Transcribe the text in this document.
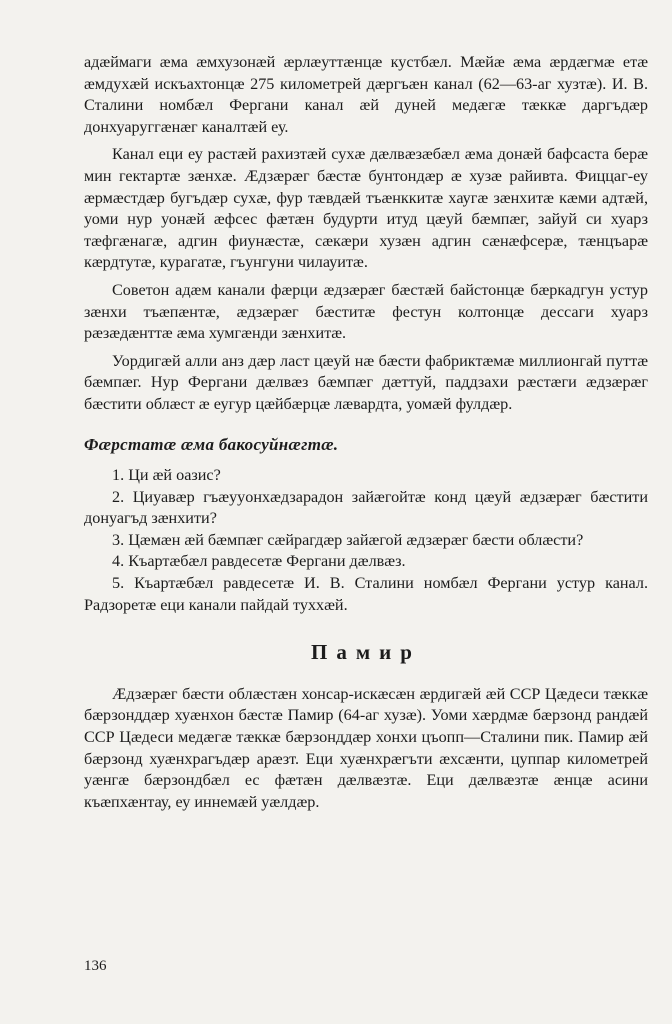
адæймаги æма æмхузонæй æрлæуттæнцæ кустбæл. Мæйæ æма æрдæгмæ етæ æмдухæй искъахтонцæ 275 километрей дæргъæн канал (62—63-аг хузтæ). И. В. Сталини номбæл Фергани канал æй дуней медæгæ тæккæ даргъдæр донхуаруггæнæг каналтæй еу.

Канал еци еу растæй рахизтæй сухæ дæлвæзæбæл æма донæй бафсаста берæ мин гектартæ зæнхæ. Æдзæрæг бæстæ бунтондæр æ хузæ райивта. Фиццаг-еу æрмæстдæр бугъдæр сухæ, фур тæвдæй тъæнккитæ хаугæ зæнхитæ кæми адтæй, уоми нур уонæй æфсес фæтæн будурти итуд цæуй бæмпæг, зайуй си хуарз тæфгæнагæ, адгин фиунæстæ, сæкæри хузæн адгин сæнæфсерæ, тæнцъарæ кæрдтутæ, курагатæ, гъунгуни чилауитæ.

Советон адæм канали фæрци æдзæрæг бæстæй байстонцæ бæркадгун устур зæнхи тъæпæнтæ, æдзæрæг бæститæ фестун колтонцæ дессаги хуарз рæзæдæнттæ æма хумгæнди зæнхитæ.

Уордигæй алли анз дæр ласт цæуй нæ бæсти фабриктæмæ миллионгай путтæ бæмпæг. Нур Фергани дæлвæз бæмпæг дæттуй, паддзахи рæстæги æдзæрæг бæстити облæст æ еугур цæйбæрцæ лæвардта, уомæй фулдæр.

Фæрстатæ æма бакосуйнæгтæ.
1. Ци æй оазис?
2. Циуавæр гъæуyонхæдзарадон зайæгойтæ конд цæуй æдзæрæг бæстити донуагъд зæнхити?
3. Цæмæн æй бæмпæг сæйрагдæр зайæгой æдзæрæг бæсти облæсти?
4. Къартæбæл равдесетæ Фергани дæлвæз.
5. Къартæбæл равдесетæ И. В. Сталини номбæл Фергани устур канал. Радзоретæ еци канали пайдай туххæй.
Памир

Æдзæрæг бæсти облæстæн хонсар-искæсæн æрдигæй æй ССР Цæдеси тæккæ бæрзонддæр хуæнхон бæстæ Памир (64-аг хузæ). Уоми хæрдмæ бæрзонд рандæй ССР Цæдеси медæгæ тæккæ бæрзонддæр хонхи цъопп—Сталини пик. Памир æй бæрзонд хуæнхрагъдæр арæзт. Еци хуæнхрæгъти æхсæнти, цуппар километрей уæнгæ бæрзондбæл ес фæтæн дæлвæзтæ. Еци дæлвæзтæ æнцæ асини къæпхæнтау, еу иннемæй уæлдæр.

136
